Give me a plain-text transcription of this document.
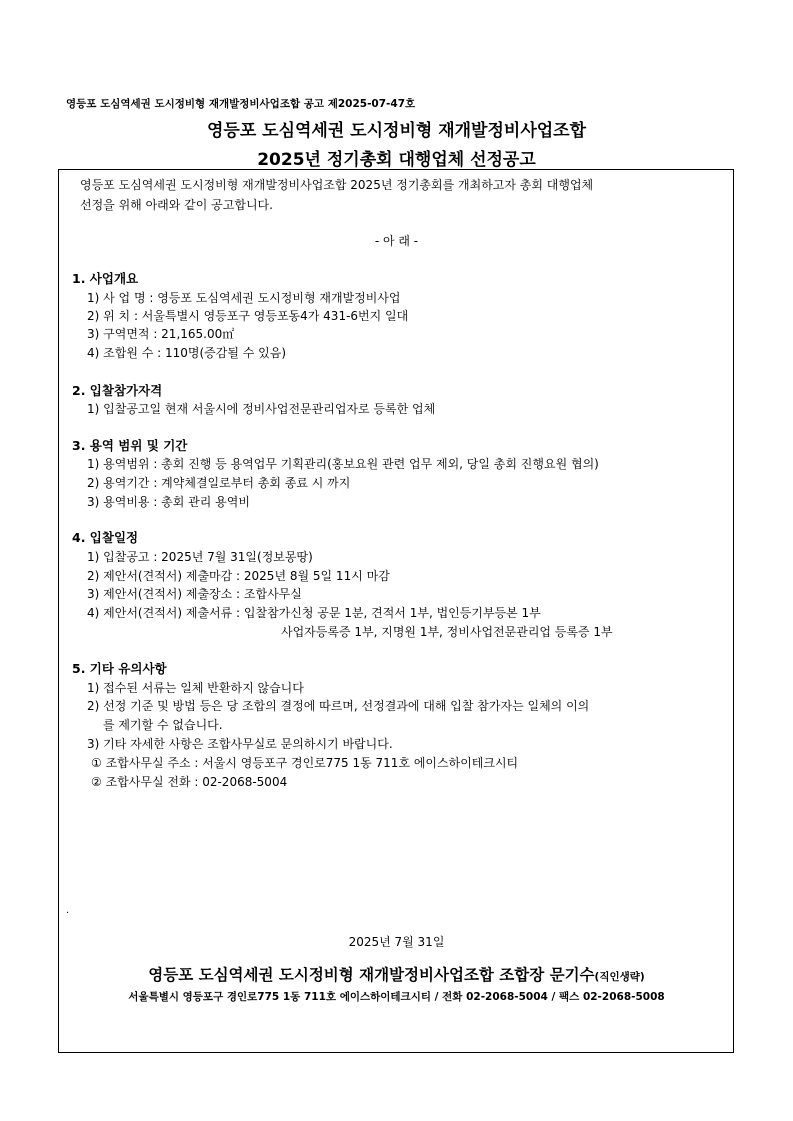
영등포 도심역세권 도시정비형 재개발정비사업조합 공고 제2025-07-47호
영등포 도심역세권 도시정비형 재개발정비사업조합
2025년 정기총회 대행업체 선정공고
영등포 도심역세권 도시정비형 재개발정비사업조합 2025년 정기총회를 개최하고자 총회 대행업체
선정을 위해 아래와 같이 공고합니다.
- 아 래 -
1. 사업개요
1) 사 업 명 : 영등포 도심역세권 도시정비형 재개발정비사업
2) 위 치 : 서울특별시 영등포구 영등포동4가 431-6번지 일대
3) 구역면적 : 21,165.00㎡
4) 조합원 수 : 110명(증감될 수 있음)
2. 입찰참가자격
1) 입찰공고일 현재 서울시에 정비사업전문관리업자로 등록한 업체
3. 용역 범위 및 기간
1) 용역범위 : 총회 진행 등 용역업무 기획관리(홍보요원 관련 업무 제외, 당일 총회 진행요원 협의)
2) 용역기간 : 계약체결일로부터 총회 종료 시 까지
3) 용역비용 : 총회 관리 용역비
4. 입찰일정
1) 입찰공고 : 2025년 7월 31일(정보몽땅)
2) 제안서(견적서) 제출마감 : 2025년 8월 5일 11시 마감
3) 제안서(견적서) 제출장소 : 조합사무실
4) 제안서(견적서) 제출서류 : 입찰참가신청 공문 1분, 견적서 1부, 법인등기부등본 1부
사업자등록증 1부, 지명원 1부, 정비사업전문관리업 등록증 1부
5. 기타 유의사항
1) 접수된 서류는 일체 반환하지 않습니다
2) 선정 기준 및 방법 등은 당 조합의 결정에 따르며, 선정결과에 대해 입찰 참가자는 일체의 이의
를 제기할 수 없습니다.
3) 기타 자세한 사항은 조합사무실로 문의하시기 바랍니다.
① 조합사무실 주소 : 서울시 영등포구 경인로775 1동 711호 에이스하이테크시티
② 조합사무실 전화 : 02-2068-5004
.
2025년 7월 31일
영등포 도심역세권 도시정비형 재개발정비사업조합 조합장 문기수(직인생략)
서울특별시 영등포구 경인로775 1동 711호 에이스하이테크시티 / 전화 02-2068-5004 / 팩스 02-2068-5008
